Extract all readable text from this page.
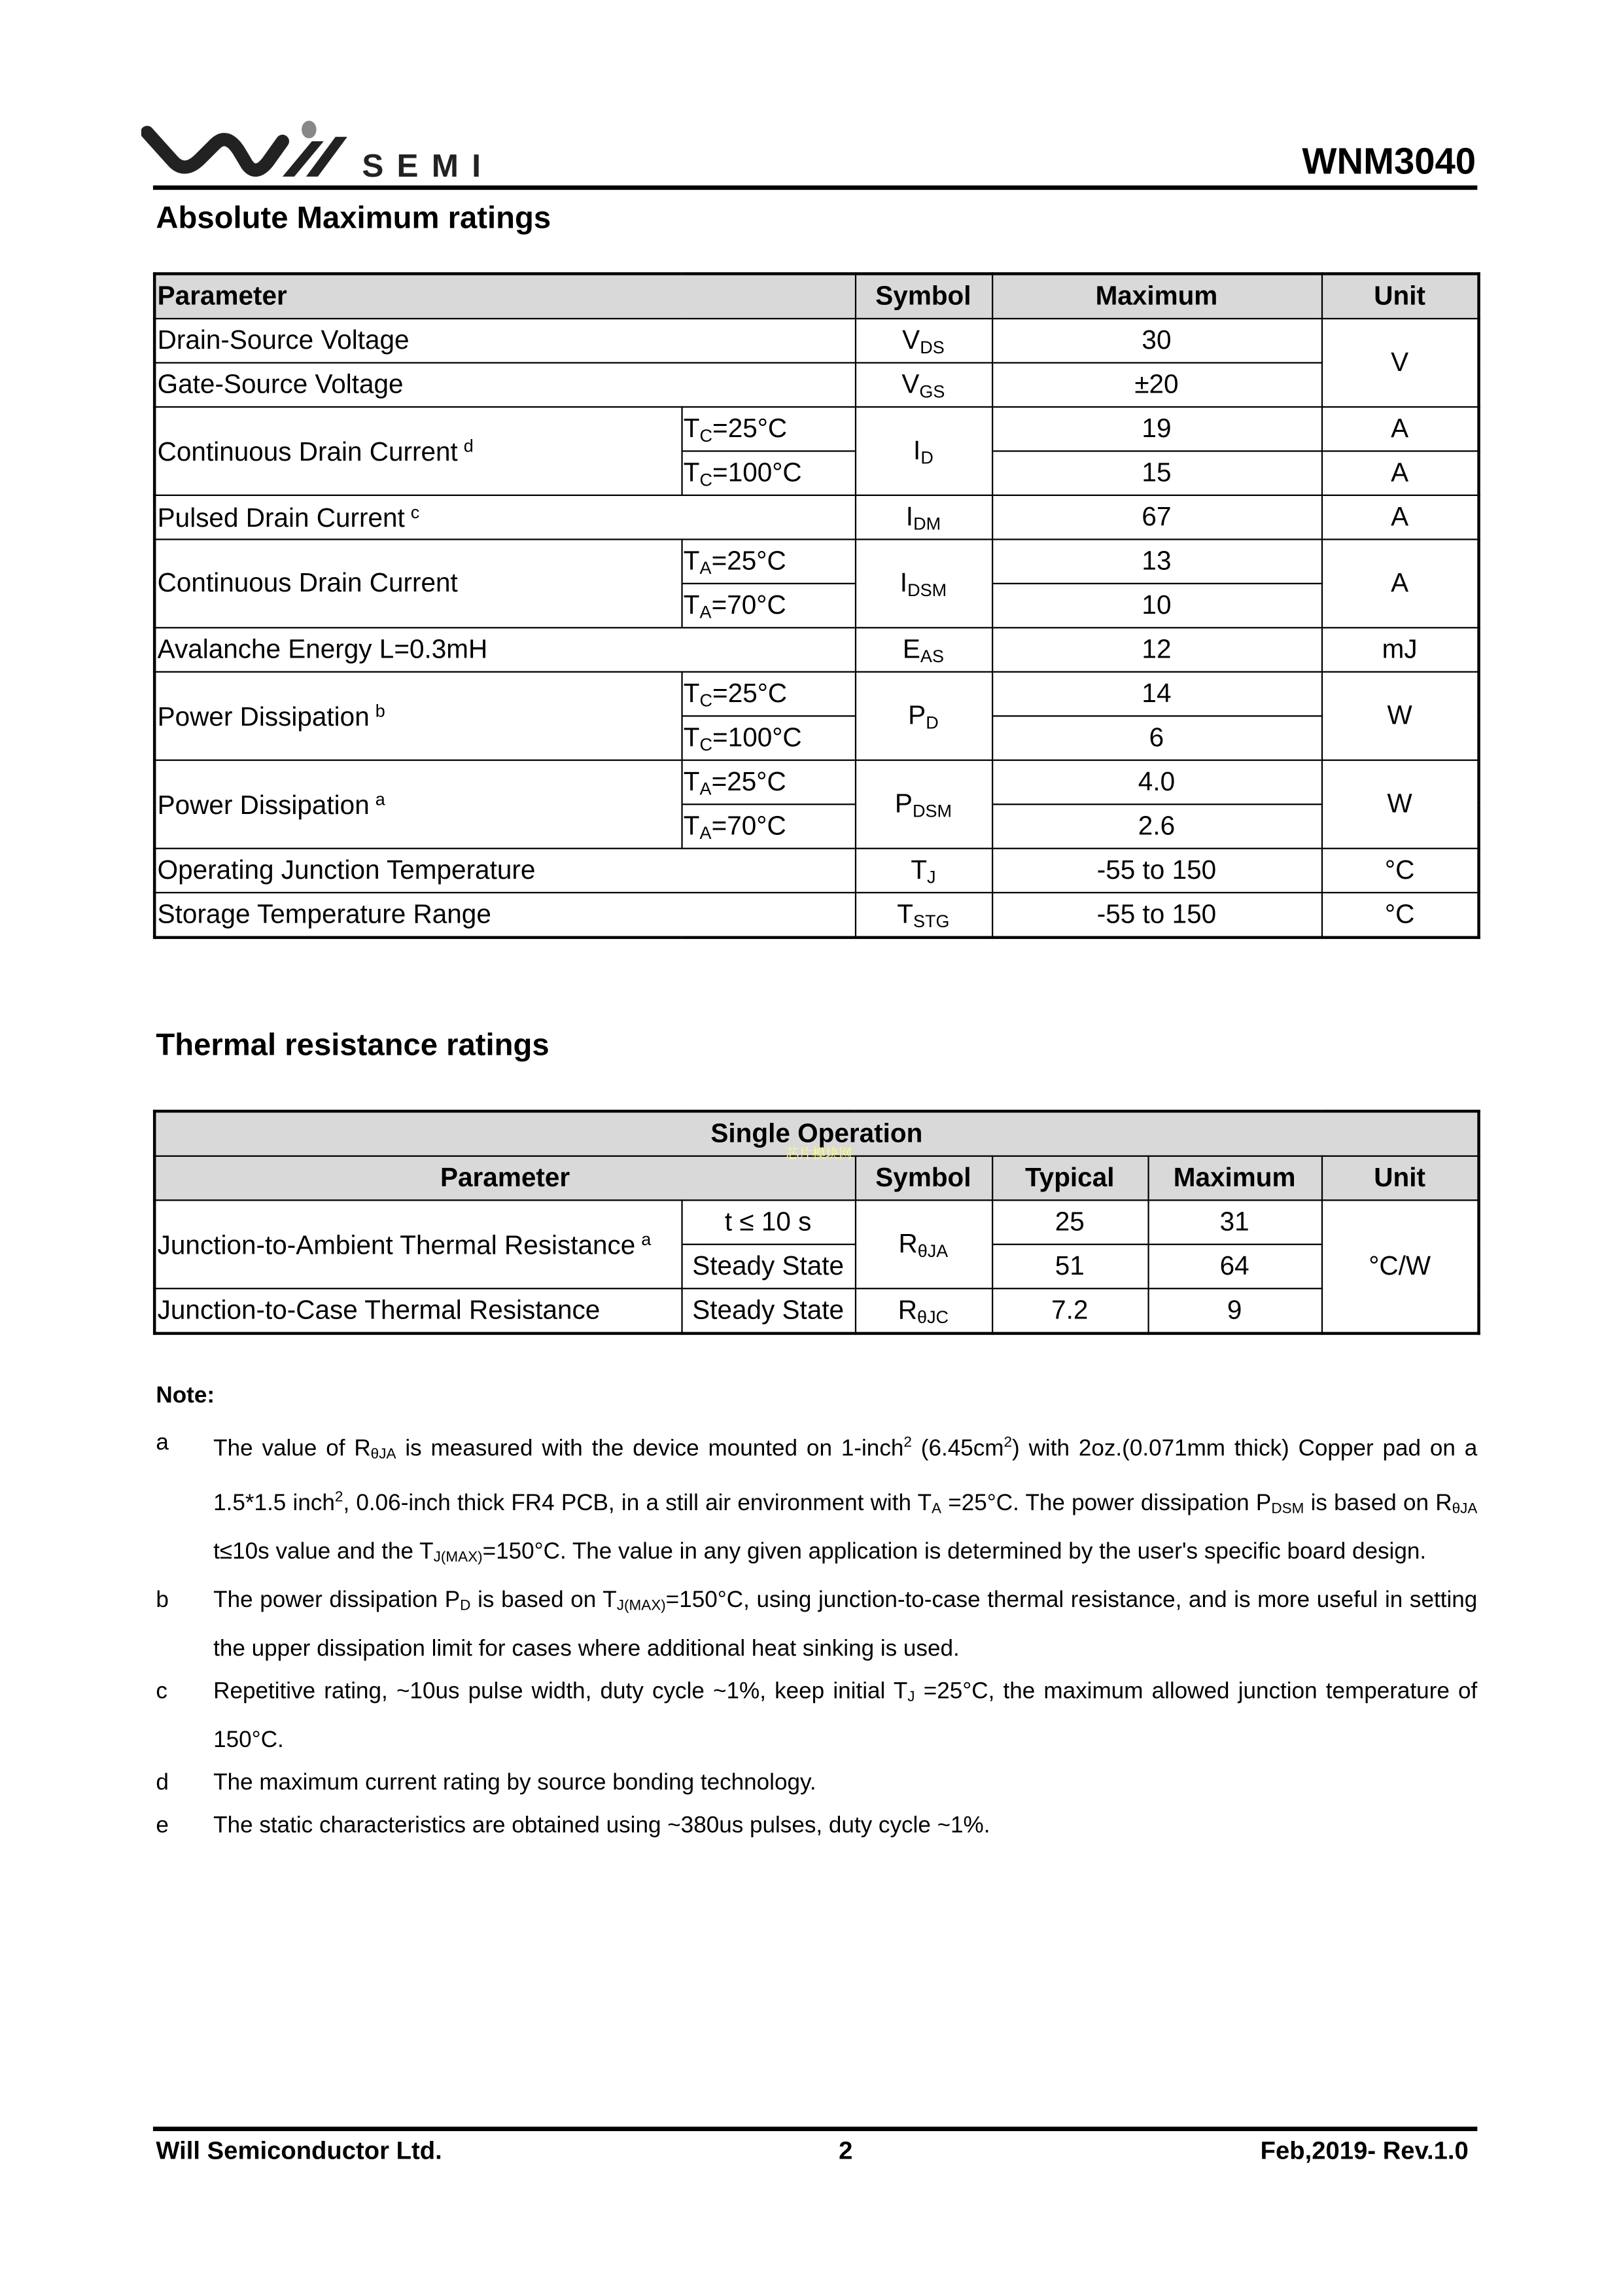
SEMI	WNM3040
Absolute Maximum ratings
Parameter		Symbol	Maximum	Unit
Drain-Source Voltage		$V_{DS}$	30	V
Gate-Source Voltage		$V_{GS}$	±20	
Continuous Drain Current $^d$	$T_C=25^\circ C$	$I_D$	19	A
	$T_C=100^\circ C$		15	A
Pulsed Drain Current $^c$		$I_{DM}$	67	A
Continuous Drain Current	$T_A=25^\circ C$	$I_{DSM}$	13	A
	$T_A=70^\circ C$		10	
Avalanche Energy L=0.3mH		$E_{AS}$	12	mJ
Power Dissipation $^b$	$T_C=25^\circ C$	$P_D$	14	W
	$T_C=100^\circ C$		6	
Power Dissipation $^a$	$T_A=25^\circ C$	$P_{DSM}$	4.0	W
	$T_A=70^\circ C$		2.6	
Operating Junction Temperature		$T_J$	-55 to 150	°C
Storage Temperature Range		$T_{STG}$	-55 to 150	°C
Thermal resistance ratings
Single Operation					
Parameter		Symbol	Typical	Maximum	Unit
Junction-to-Ambient Thermal Resistance $^a$	t ≤ 10 s	$R_{\theta JA}$	25	31	°C/W
	Steady State		51	64	
Junction-to-Case Thermal Resistance	Steady State	$R_{\theta JC}$	7.2	9	
芯片模块网
Note:
a	The value of $R_{\theta JA}$ is measured with the device mounted on 1-inch$^2$ $(6.45cm^2)$ with 2oz.(0.071mm thick) Copper pad on a 1.5*1.5 inch$^2$, 0.06-inch thick FR4 PCB, in a still air environment with $T_A =25^\circ C$. The power dissipation $P_{DSM}$ is based on $R_{\theta JA}$ t≤10s value and the $T_{J(MAX)}=150^\circ C$. The value in any given application is determined by the user's specific board design.
b	The power dissipation $P_D$ is based on $T_{J(MAX)}=150^\circ C$, using junction-to-case thermal resistance, and is more useful in setting the upper dissipation limit for cases where additional heat sinking is used.
c	Repetitive rating, ~10us pulse width, duty cycle ~1%, keep initial $T_J =25^\circ C$, the maximum allowed junction temperature of 150°C.
d	The maximum current rating by source bonding technology.
e	The static characteristics are obtained using ~380us pulses, duty cycle ~1%.
Will Semiconductor Ltd.	2	Feb,2019- Rev.1.0
